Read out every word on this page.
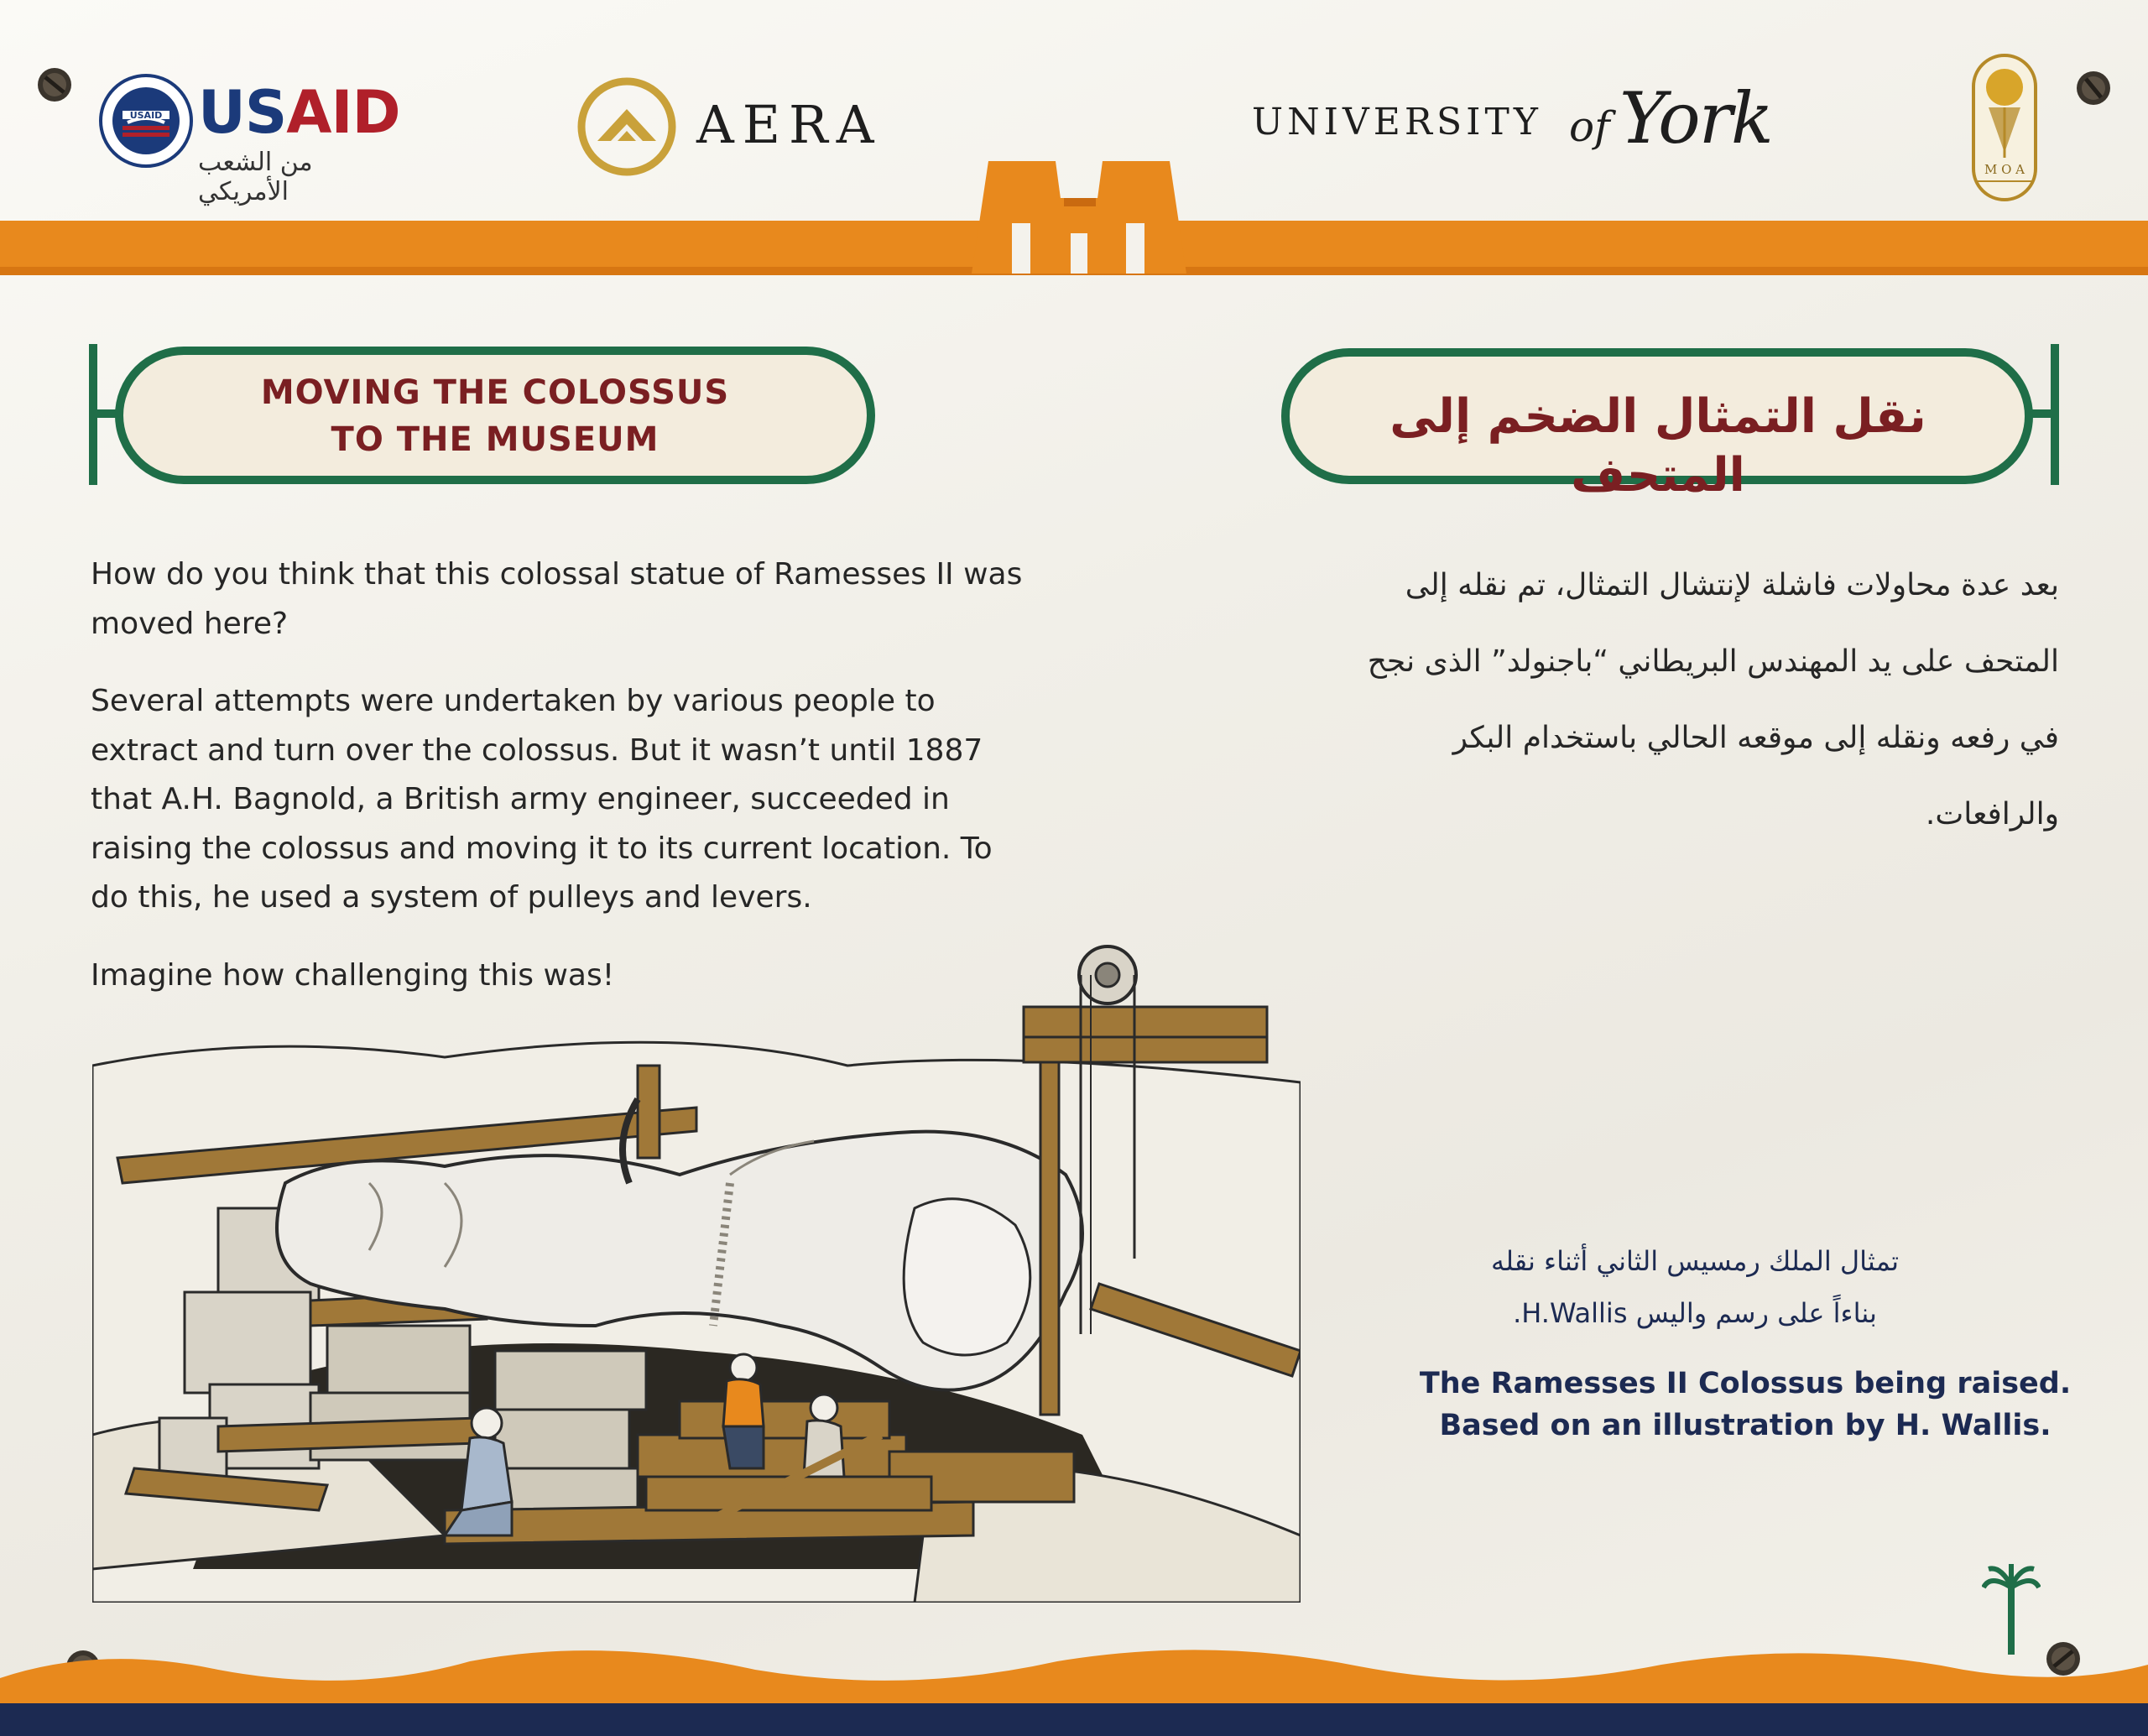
USAID USAID
من الشعب الأمريكي
AERA	UNIVERSITY of York
M O A
MOVING THE COLOSSUS
TO THE MUSEUM	نقل التمثال الضخم إلى المتحف

How do you think that this colossal statue of Ramesses II was moved here?

Several attempts were undertaken by various people to extract and turn over the colossus. But it wasn’t until 1887 that A.H. Bagnold, a British army engineer, succeeded in raising the colossus and moving it to its current location. To do this, he used a system of pulleys and levers.

Imagine how challenging this was!

بعد عدة محاولات فاشلة لإنتشال التمثال، تم نقله إلى المتحف على يد المهندس البريطاني “باجنولد” الذى نجح في رفعه ونقله إلى موقعه الحالي باستخدام البكر والرافعات.
تمثال الملك رمسيس الثاني أثناء نقله
بناءاً على رسم واليس H.Wallis.
The Ramesses II Colossus being raised.
Based on an illustration by H. Wallis.
